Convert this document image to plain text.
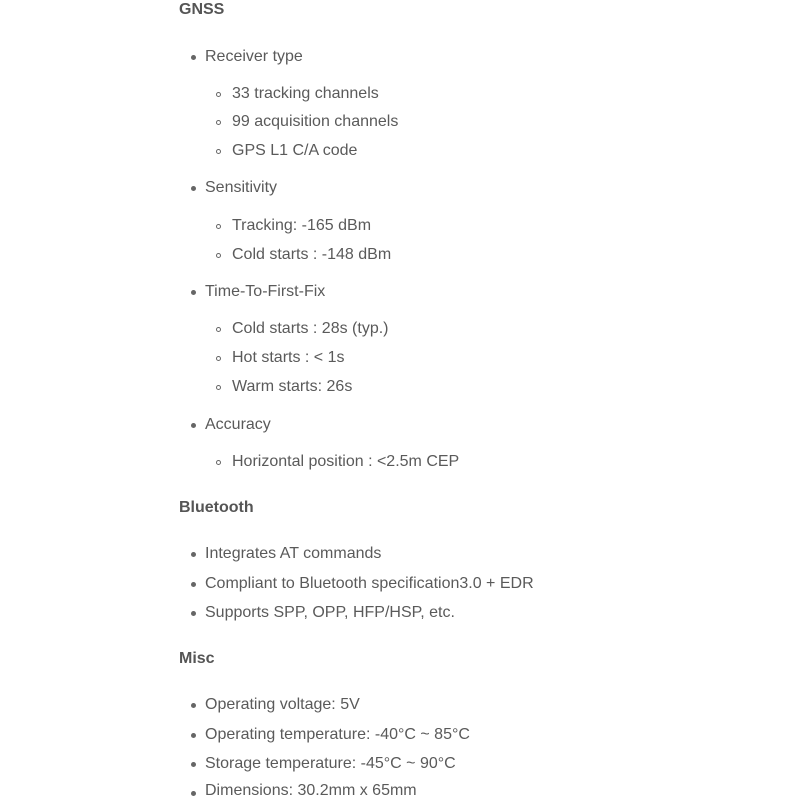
GNSS
Receiver type
33 tracking channels
99 acquisition channels
GPS L1 C/A code
Sensitivity
Tracking: -165 dBm
Cold starts : -148 dBm
Time-To-First-Fix
Cold starts : 28s (typ.)
Hot starts : < 1s
Warm starts: 26s
Accuracy
Horizontal position : <2.5m CEP
Bluetooth
Integrates AT commands
Compliant to Bluetooth specification3.0 + EDR
Supports SPP, OPP, HFP/HSP, etc.
Misc
Operating voltage: 5V
Operating temperature: -40°C ~ 85°C
Storage temperature: -45°C ~ 90°C
Dimensions: 30.2mm x 65mm
